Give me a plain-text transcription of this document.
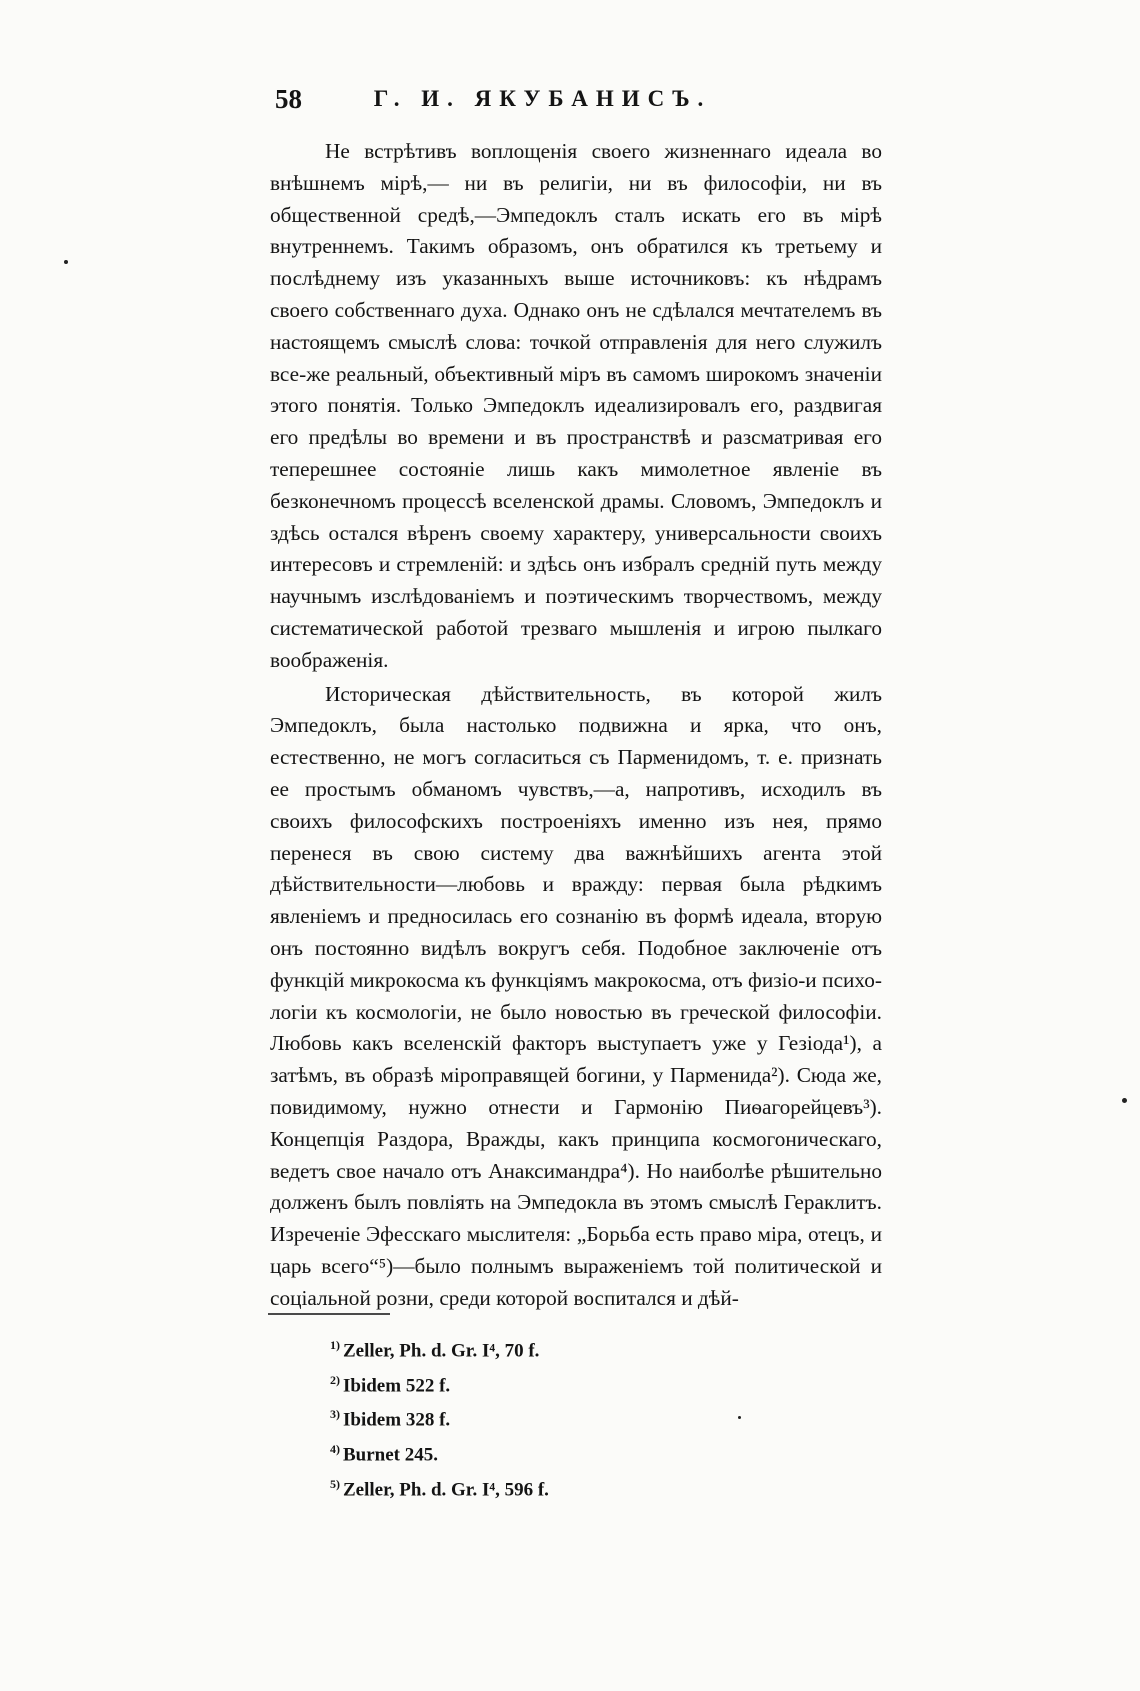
58	Г. И. ЯКУБАНИСЪ.

Не встрѣтивъ воплощенія своего жизненнаго идеала во внѣшнемъ мірѣ,— ни въ религіи, ни въ философіи, ни въ общественной средѣ,—Эмпедоклъ сталъ искать его въ мірѣ внутреннемъ. Такимъ образомъ, онъ обратился къ третьему и послѣднему изъ указанныхъ выше источниковъ: къ нѣдрамъ своего собственнаго духа. Однако онъ не сдѣлался мечтателемъ въ настоящемъ смыслѣ слова: точкой отправленія для него служилъ все-же реальный, объективный міръ въ самомъ широкомъ значеніи этого понятія. Только Эмпедоклъ идеализировалъ его, раздвигая его предѣлы во времени и въ пространствѣ и разсматривая его теперешнее состояніе лишь какъ мимолетное явленіе въ безконечномъ процессѣ вселенской драмы. Словомъ, Эмпедоклъ и здѣсь остался вѣренъ своему характеру, универсальности своихъ интересовъ и стремленій: и здѣсь онъ избралъ средній путь между научнымъ изслѣдованіемъ и поэтическимъ творчествомъ, между систематической работой трезваго мышленія и игрою пылкаго воображенія.

Историческая дѣйствительность, въ которой жилъ Эмпедоклъ, была настолько подвижна и ярка, что онъ, естественно, не могъ согласиться съ Парменидомъ, т. е. признать ее простымъ обманомъ чувствъ,—а, напротивъ, исходилъ въ своихъ философскихъ построеніяхъ именно изъ нея, прямо перенеся въ свою систему два важнѣйшихъ агента этой дѣйствительности—любовь и вражду: первая была рѣдкимъ явленіемъ и предносилась его сознанію въ формѣ идеала, вторую онъ постоянно видѣлъ вокругъ себя. Подобное заключеніе отъ функцій микрокосма къ функціямъ макрокосма, отъ физіо-и психо-логіи къ космологіи, не было новостью въ греческой философіи. Любовь какъ вселенскій факторъ выступаетъ уже у Гезіода¹), а затѣмъ, въ образѣ міроправящей богини, у Парменида²). Сюда же, повидимому, нужно отнести и Гармонію Пиѳагорейцевъ³). Концепція Раздора, Вражды, какъ принципа космогоническаго, ведетъ свое начало отъ Анаксимандра⁴). Но наиболѣе рѣшительно долженъ былъ повліять на Эмпедокла въ этомъ смыслѣ Гераклитъ. Изреченіе Эфесскаго мыслителя: „Борьба есть право міра, отецъ, и царь всего“⁵)—было полнымъ выраженіемъ той политической и соціальной розни, среди которой воспитался и дѣй-

$^{1)}$ Zeller, Ph. d. Gr. I⁴, 70 f.
$^{2)}$ Ibidem 522 f.
$^{3)}$ Ibidem 328 f.
$^{4)}$ Burnet 245.
$^{5)}$ Zeller, Ph. d. Gr. I⁴, 596 f.
